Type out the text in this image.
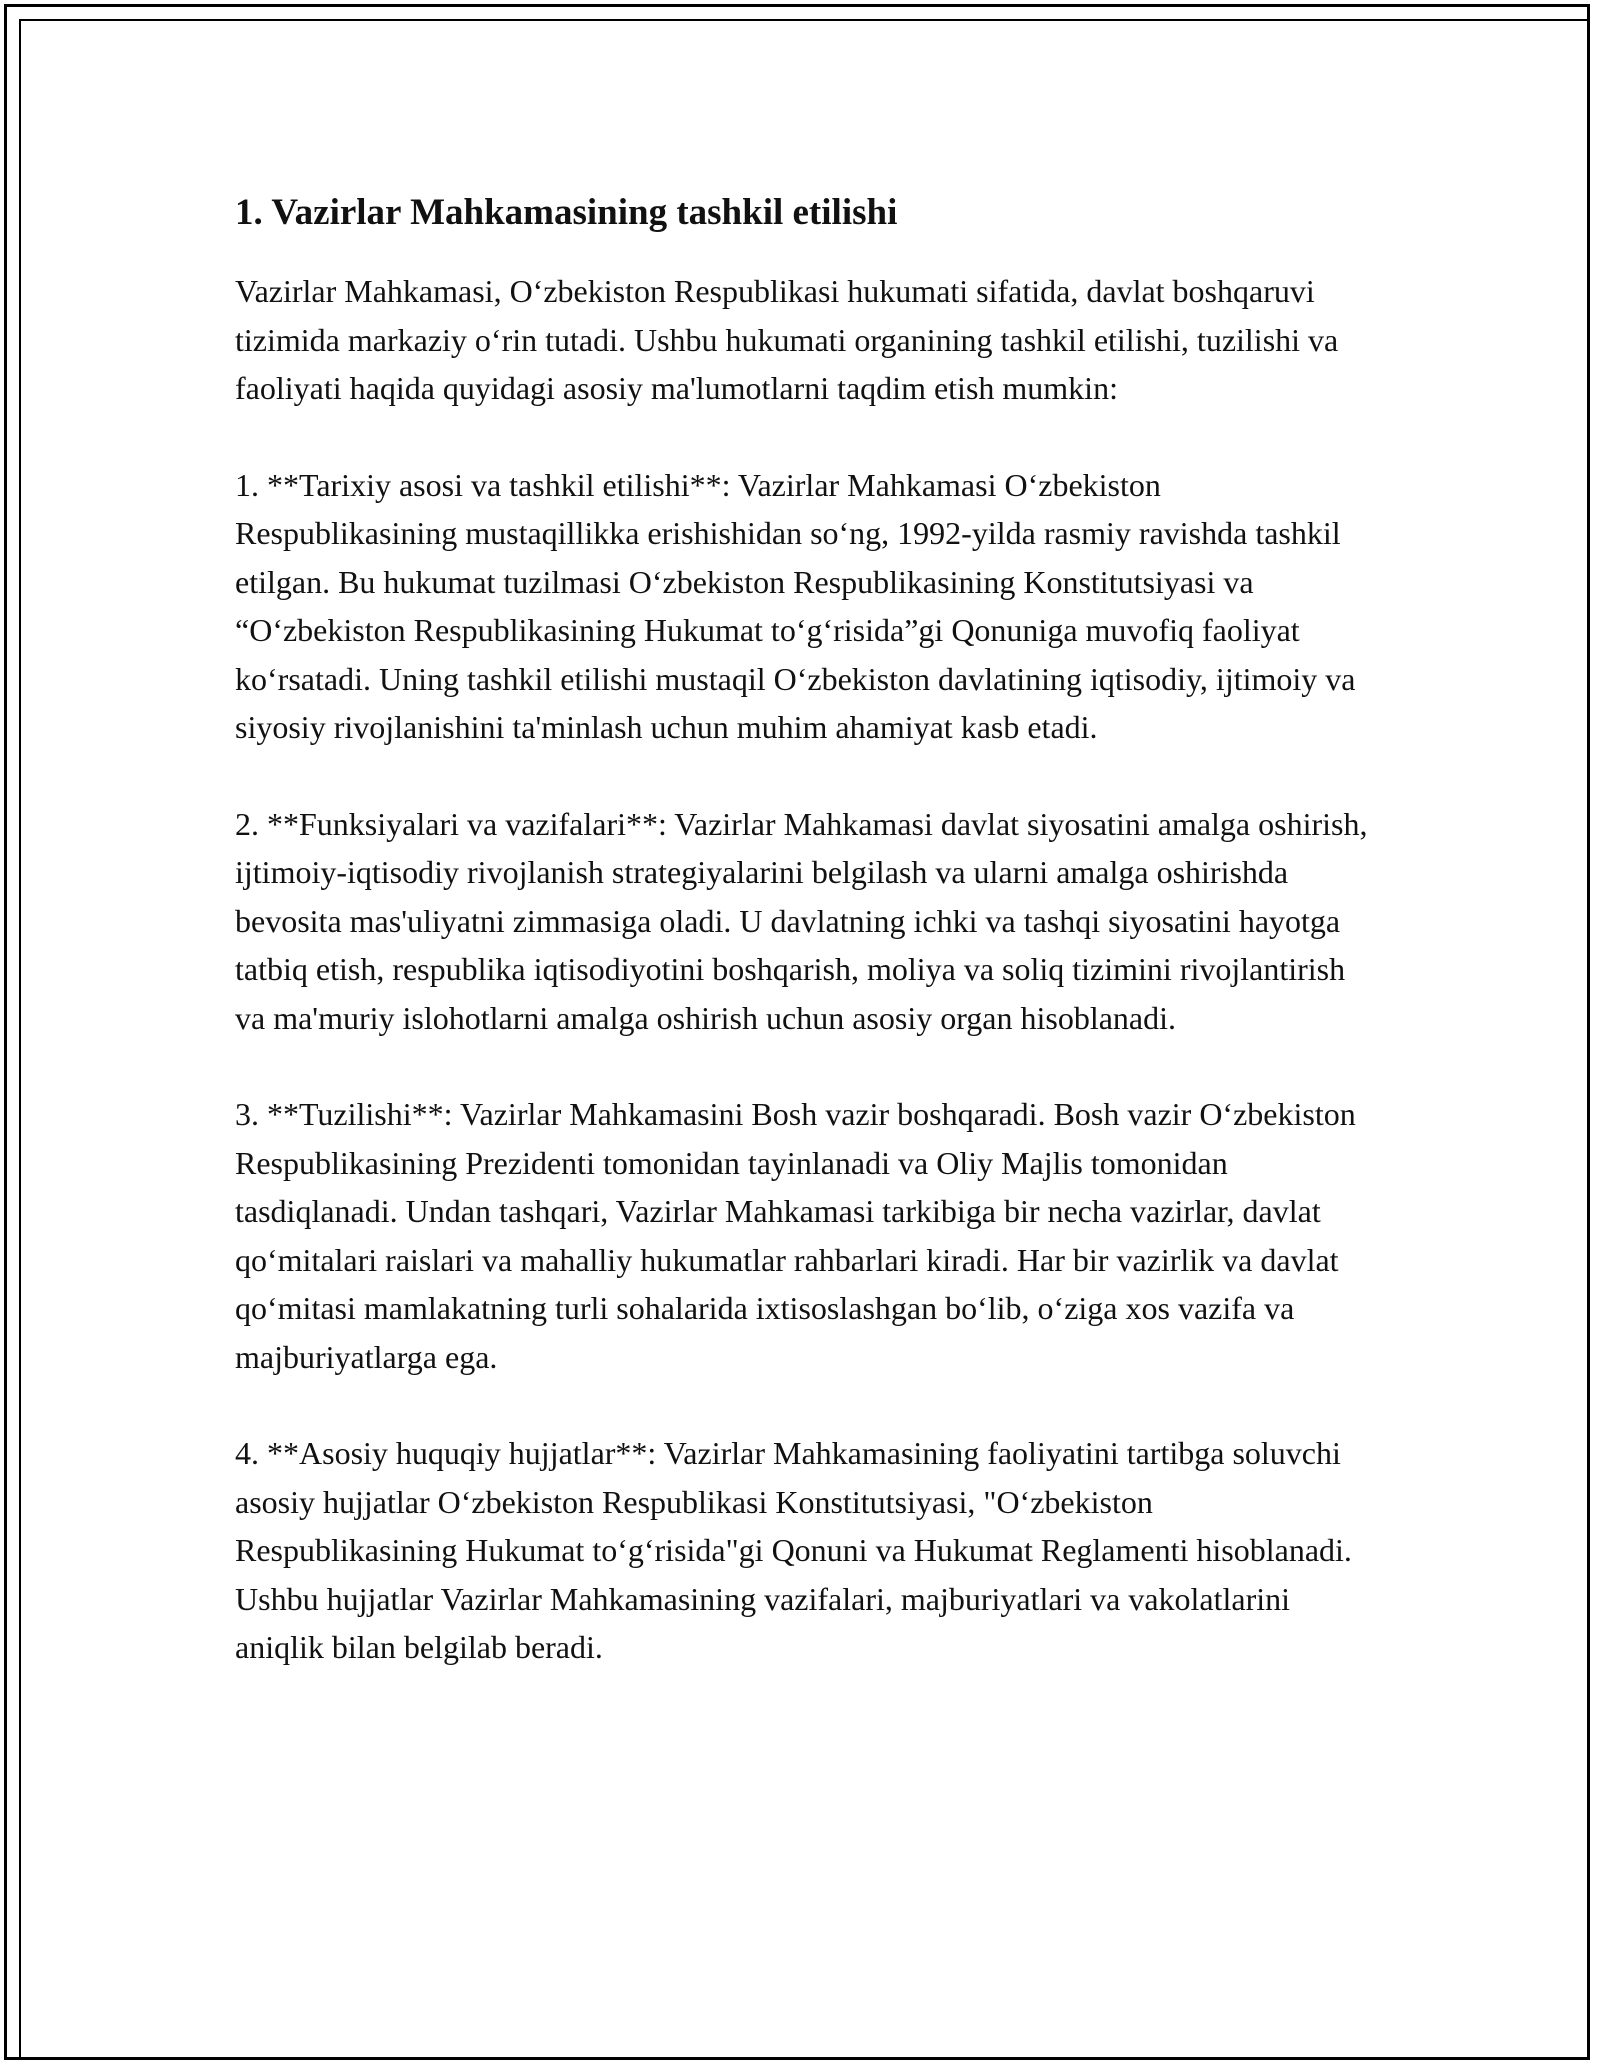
1. Vazirlar Mahkamasining tashkil etilishi

Vazirlar Mahkamasi, O‘zbekiston Respublikasi hukumati sifatida, davlat boshqaruvi tizimida markaziy o‘rin tutadi. Ushbu hukumati organining tashkil etilishi, tuzilishi va faoliyati haqida quyidagi asosiy ma'lumotlarni taqdim etish mumkin:

1. **Tarixiy asosi va tashkil etilishi**: Vazirlar Mahkamasi O‘zbekiston Respublikasining mustaqillikka erishishidan so‘ng, 1992-yilda rasmiy ravishda tashkil etilgan. Bu hukumat tuzilmasi O‘zbekiston Respublikasining Konstitutsiyasi va “O‘zbekiston Respublikasining Hukumat to‘g‘risida”gi Qonuniga muvofiq faoliyat ko‘rsatadi. Uning tashkil etilishi mustaqil O‘zbekiston davlatining iqtisodiy, ijtimoiy va siyosiy rivojlanishini ta'minlash uchun muhim ahamiyat kasb etadi.

2. **Funksiyalari va vazifalari**: Vazirlar Mahkamasi davlat siyosatini amalga oshirish, ijtimoiy-iqtisodiy rivojlanish strategiyalarini belgilash va ularni amalga oshirishda bevosita mas'uliyatni zimmasiga oladi. U davlatning ichki va tashqi siyosatini hayotga tatbiq etish, respublika iqtisodiyotini boshqarish, moliya va soliq tizimini rivojlantirish va ma'muriy islohotlarni amalga oshirish uchun asosiy organ hisoblanadi.

3. **Tuzilishi**: Vazirlar Mahkamasini Bosh vazir boshqaradi. Bosh vazir O‘zbekiston Respublikasining Prezidenti tomonidan tayinlanadi va Oliy Majlis tomonidan tasdiqlanadi. Undan tashqari, Vazirlar Mahkamasi tarkibiga bir necha vazirlar, davlat qo‘mitalari raislari va mahalliy hukumatlar rahbarlari kiradi. Har bir vazirlik va davlat qo‘mitasi mamlakatning turli sohalarida ixtisoslashgan bo‘lib, o‘ziga xos vazifa va majburiyatlarga ega.

4. **Asosiy huquqiy hujjatlar**: Vazirlar Mahkamasining faoliyatini tartibga soluvchi asosiy hujjatlar O‘zbekiston Respublikasi Konstitutsiyasi, "O‘zbekiston Respublikasining Hukumat to‘g‘risida"gi Qonuni va Hukumat Reglamenti hisoblanadi. Ushbu hujjatlar Vazirlar Mahkamasining vazifalari, majburiyatlari va vakolatlarini aniqlik bilan belgilab beradi.
